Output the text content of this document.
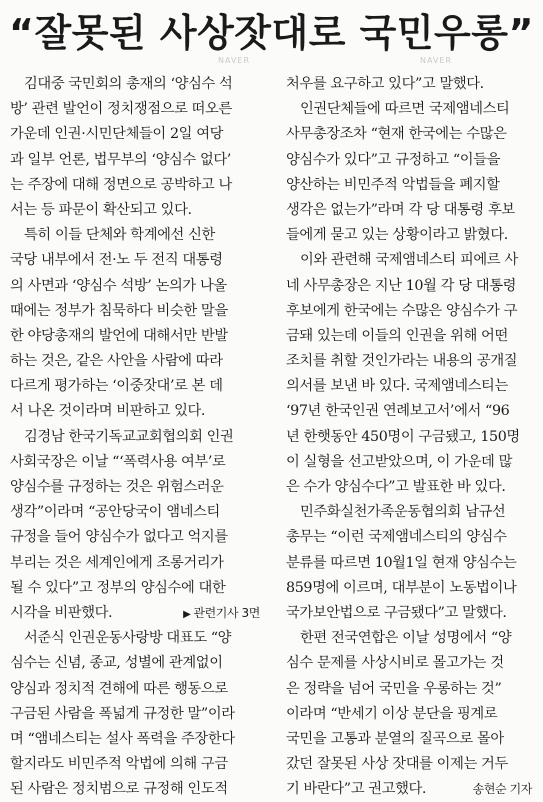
“잘못된 사상잣대로 국민우롱”
NAVER	NAVER
김대중 국민회의 총재의 ‘양심수 석
방’ 관련 발언이 정치쟁점으로 떠오른
가운데 인권·시민단체들이 2일 여당
과 일부 언론, 법무부의 ‘양심수 없다’
는 주장에 대해 정면으로 공박하고 나
서는 등 파문이 확산되고 있다.
특히 이들 단체와 학계에선 신한
국당 내부에서 전·노 두 전직 대통령
의 사면과 ‘양심수 석방’ 논의가 나올
때에는 정부가 침묵하다 비슷한 말을
한 야당총재의 발언에 대해서만 반발
하는 것은, 같은 사안을 사람에 따라
다르게 평가하는 ‘이중잣대’로 본 데
서 나온 것이라며 비판하고 있다.
김경남 한국기독교교회협의회 인권
사회국장은 이날 “‘폭력사용 여부’로
양심수를 규정하는 것은 위험스러운
생각”이라며 “공안당국이 앰네스티
규정을 들어 양심수가 없다고 억지를
부리는 것은 세계인에게 조롱거리가
될 수 있다”고 정부의 양심수에 대한
시각을 비판했다.	▶ 관련기사 3면
서준식 인권운동사랑방 대표도 “양
심수는 신념, 종교, 성별에 관계없이
양심과 정치적 견해에 따른 행동으로
구금된 사람을 폭넓게 규정한 말”이라
며 “앰네스티는 설사 폭력을 주장한다
할지라도 비민주적 악법에 의해 구금
된 사람은 정치범으로 규정해 인도적
처우를 요구하고 있다”고 말했다.
인권단체들에 따르면 국제앰네스티
사무총장조차 “현재 한국에는 수많은
양심수가 있다”고 규정하고 “이들을
양산하는 비민주적 악법들을 폐지할
생각은 없는가”라며 각 당 대통령 후보
들에게 묻고 있는 상황이라고 밝혔다.
이와 관련해 국제앰네스티 피에르 사
네 사무총장은 지난 10월 각 당 대통령
후보에게 한국에는 수많은 양심수가 구
금돼 있는데 이들의 인권을 위해 어떤
조치를 취할 것인가라는 내용의 공개질
의서를 보낸 바 있다. 국제앰네스티는
‘97년 한국인권 연례보고서’에서 “96
년 한햇동안 450명이 구금됐고, 150명
이 실형을 선고받았으며, 이 가운데 많
은 수가 양심수다”고 발표한 바 있다.
민주화실천가족운동협의회 남규선
총무는 “이런 국제앰네스티의 양심수
분류를 따르면 10월1일 현재 양심수는
859명에 이르며, 대부분이 노동법이나
국가보안법으로 구금됐다”고 말했다.
한편 전국연합은 이날 성명에서 “양
심수 문제를 사상시비로 몰고가는 것
은 정략을 넘어 국민을 우롱하는 것”
이라며 “반세기 이상 분단을 핑계로
국민을 고통과 분열의 질곡으로 몰아
갔던 잘못된 사상 잣대를 이제는 거두
기 바란다”고 권고했다.	송현순 기자
